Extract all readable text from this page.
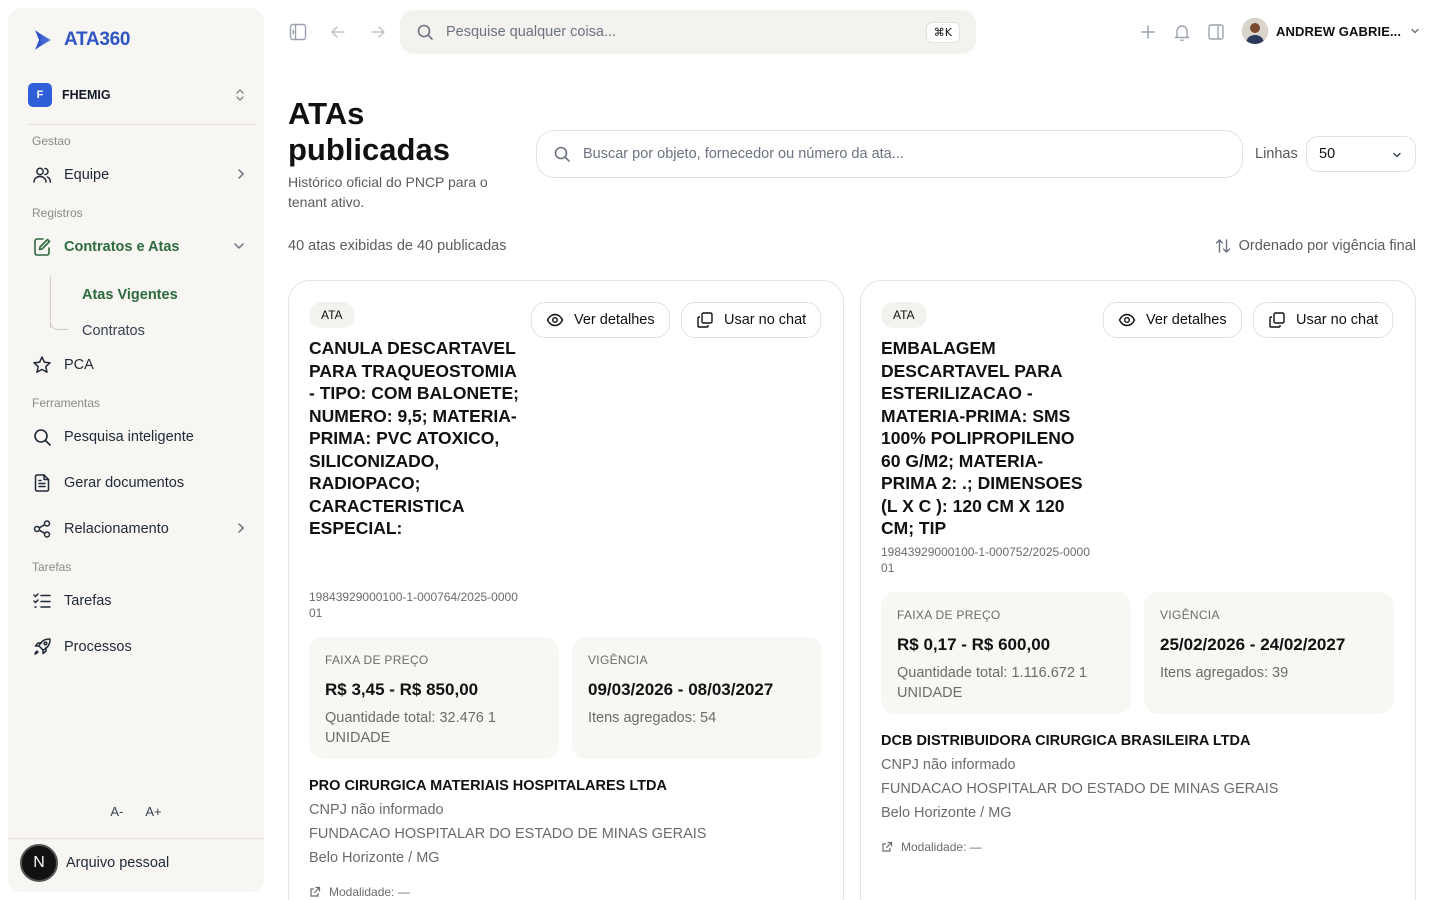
ATA360
F	FHEMIG
Gestao
Equipe
Registros
Contratos e Atas
Atas Vigentes
Contratos
PCA
Ferramentas
Pesquisa inteligente
Gerar documentos
Relacionamento
Tarefas
Tarefas
Processos
A- A+
N	Arquivo pessoal
Pesquise qualquer coisa...
⌘K	ANDREW GABRIE...
ATAs publicadas

Histórico oficial do PNCP para o tenant ativo.

Buscar por objeto, fornecedor ou número da ata...
Linhas 50
40 atas exibidas de 40 publicadas	Ordenado por vigência final
ATA	Ver detalhes	Usar no chat
CANULA DESCARTAVEL PARA TRAQUEOSTOMIA - TIPO: COM BALONETE; NUMERO: 9,5; MATERIA-PRIMA: PVC ATOXICO, SILICONIZADO, RADIOPACO; CARACTERISTICA ESPECIAL:
19843929000100-1-000764/2025-000001
FAIXA DE PREÇO
R$ 3,45 - R$ 850,00
Quantidade total: 32.476 1 UNIDADE
VIGÊNCIA
09/03/2026 - 08/03/2027
Itens agregados: 54
PRO CIRURGICA MATERIAIS HOSPITALARES LTDA
CNPJ não informado
FUNDACAO HOSPITALAR DO ESTADO DE MINAS GERAIS
Belo Horizonte / MG
Modalidade: —
ATA	Ver detalhes	Usar no chat
EMBALAGEM DESCARTAVEL PARA ESTERILIZACAO - MATERIA-PRIMA: SMS 100% POLIPROPILENO 60 G/M2; MATERIA-PRIMA 2: .; DIMENSOES (L X C ): 120 CM X 120 CM; TIP
19843929000100-1-000752/2025-000001
FAIXA DE PREÇO
R$ 0,17 - R$ 600,00
Quantidade total: 1.116.672 1 UNIDADE
VIGÊNCIA
25/02/2026 - 24/02/2027
Itens agregados: 39
DCB DISTRIBUIDORA CIRURGICA BRASILEIRA LTDA
CNPJ não informado
FUNDACAO HOSPITALAR DO ESTADO DE MINAS GERAIS
Belo Horizonte / MG
Modalidade: —
